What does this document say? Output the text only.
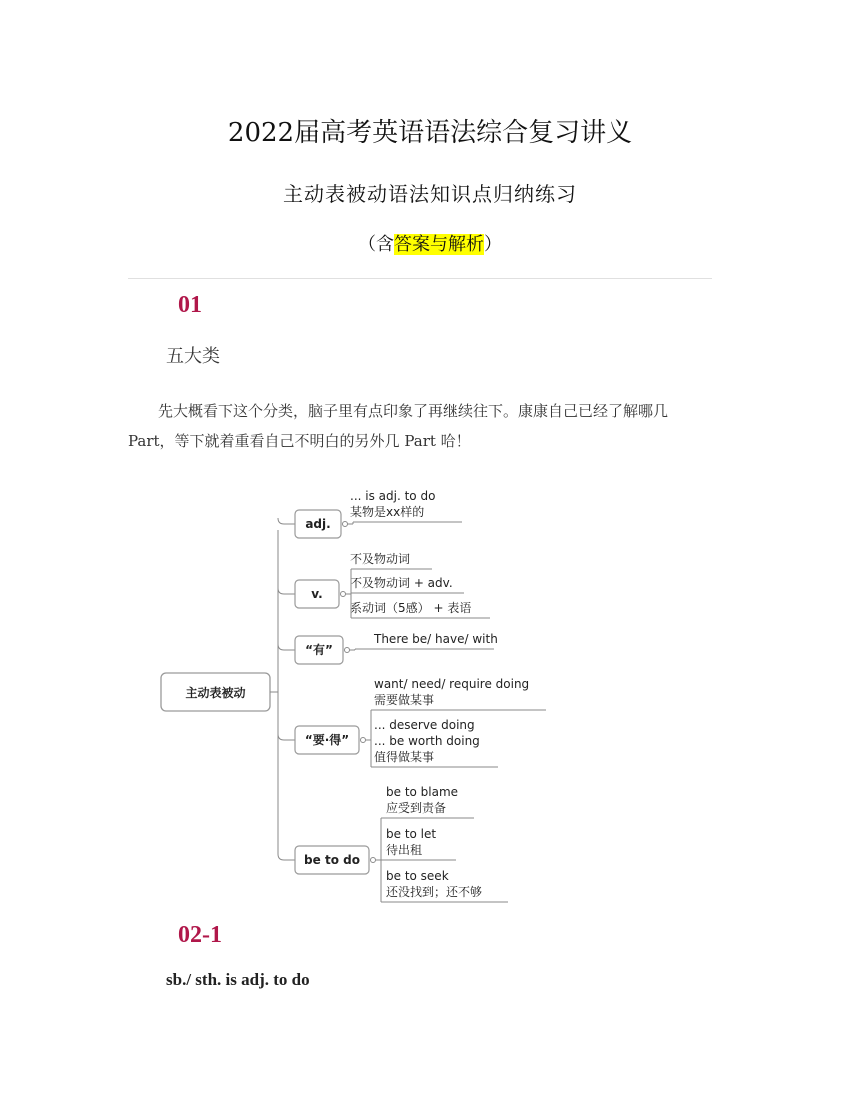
2022届高考英语语法综合复习讲义
主动表被动语法知识点归纳练习
（含答案与解析）
01
五大类
先大概看下这个分类，脑子里有点印象了再继续往下。康康自己已经了解哪几 Part，等下就着重看自己不明白的另外几 Part 哈！
主动表被动
adj.
... is adj. to do
某物是xx样的
v.
不及物动词
不及物动词 + adv.
系动词（5感） + 表语
“有”
There be/ have/ with
“要·得”
want/ need/ require doing
需要做某事
... deserve doing
... be worth doing
值得做某事
be to do
be to blame
应受到责备
be to let
待出租
be to seek
还没找到；还不够
02-1
sb./ sth. is adj. to do
